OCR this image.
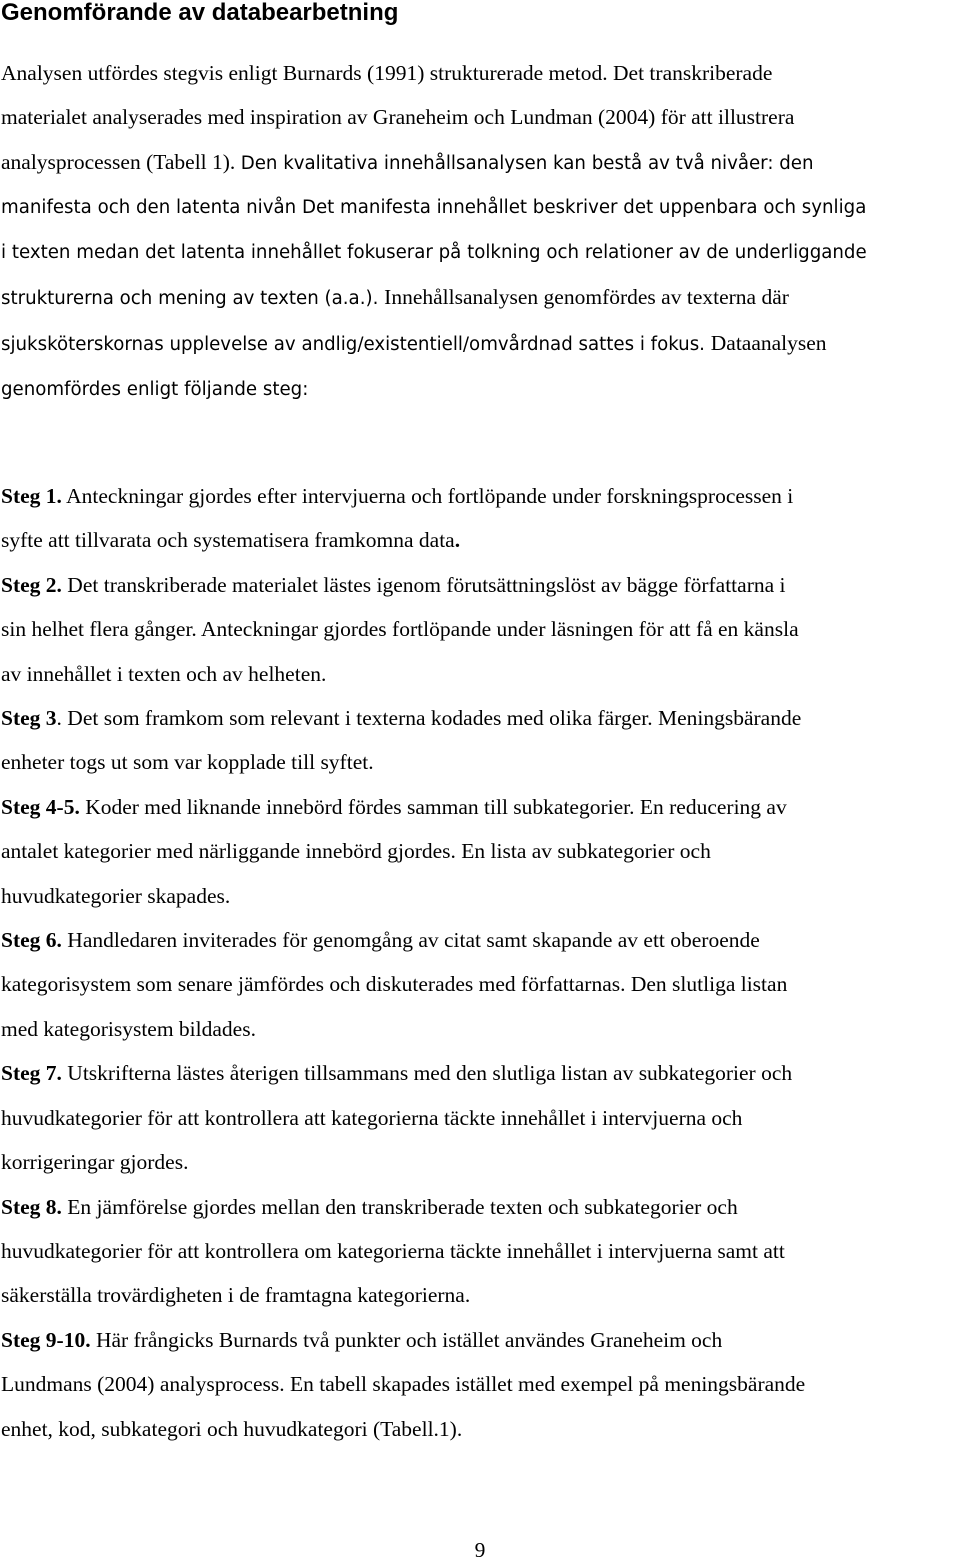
Genomförande av databearbetning
Analysen utfördes stegvis enligt Burnards (1991) strukturerade metod. Det transkriberade
materialet analyserades med inspiration av Graneheim och Lundman (2004) för att illustrera
analysprocessen (Tabell 1). Den kvalitativa innehållsanalysen kan bestå av två nivåer: den
manifesta och den latenta nivån Det manifesta innehållet beskriver det uppenbara och synliga
i texten medan det latenta innehållet fokuserar på tolkning och relationer av de underliggande
strukturerna och mening av texten (a.a.). Innehållsanalysen genomfördes av texterna där
sjuksköterskornas upplevelse av andlig/existentiell/omvårdnad sattes i fokus. Dataanalysen
genomfördes enligt följande steg:
Steg 1. Anteckningar gjordes efter intervjuerna och fortlöpande under forskningsprocessen i
syfte att tillvarata och systematisera framkomna data.
Steg 2. Det transkriberade materialet lästes igenom förutsättningslöst av bägge författarna i
sin helhet flera gånger. Anteckningar gjordes fortlöpande under läsningen för att få en känsla
av innehållet i texten och av helheten.
Steg 3. Det som framkom som relevant i texterna kodades med olika färger. Meningsbärande
enheter togs ut som var kopplade till syftet.
Steg 4-5. Koder med liknande innebörd fördes samman till subkategorier. En reducering av
antalet kategorier med närliggande innebörd gjordes. En lista av subkategorier och
huvudkategorier skapades.
Steg 6. Handledaren inviterades för genomgång av citat samt skapande av ett oberoende
kategorisystem som senare jämfördes och diskuterades med författarnas. Den slutliga listan
med kategorisystem bildades.
Steg 7. Utskrifterna lästes återigen tillsammans med den slutliga listan av subkategorier och
huvudkategorier för att kontrollera att kategorierna täckte innehållet i intervjuerna och
korrigeringar gjordes.
Steg 8. En jämförelse gjordes mellan den transkriberade texten och subkategorier och
huvudkategorier för att kontrollera om kategorierna täckte innehållet i intervjuerna samt att
säkerställa trovärdigheten i de framtagna kategorierna.
Steg 9-10. Här frångicks Burnards två punkter och istället användes Graneheim och
Lundmans (2004) analysprocess. En tabell skapades istället med exempel på meningsbärande
enhet, kod, subkategori och huvudkategori (Tabell.1).
9
